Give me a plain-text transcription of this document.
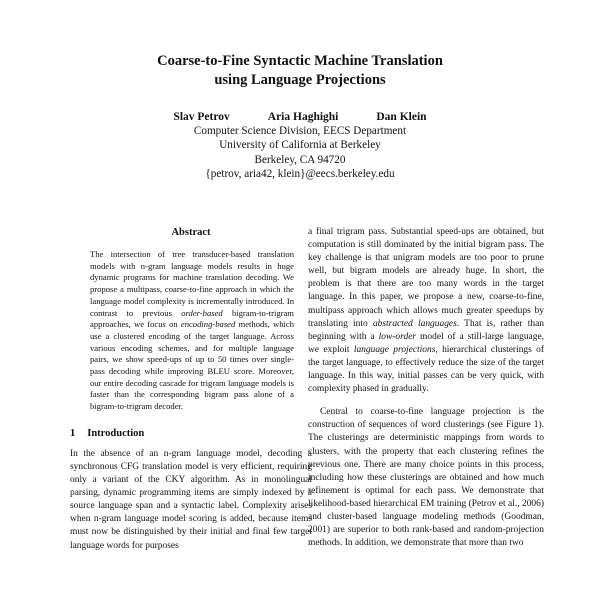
Coarse-to-Fine Syntactic Machine Translation
using Language Projections
Slav Petrov	Aria Haghighi	Dan Klein
Computer Science Division, EECS Department
University of California at Berkeley
Berkeley, CA 94720
{petrov, aria42, klein}@eecs.berkeley.edu
Abstract

The intersection of tree transducer-based translation models with n-gram language models results in huge dynamic programs for machine translation decoding. We propose a multipass, coarse-to-fine approach in which the language model complexity is incrementally introduced. In contrast to previous order-based bigram-to-trigram approaches, we focus on encoding-based methods, which use a clustered encoding of the target language. Across various encoding schemes, and for multiple language pairs, we show speed-ups of up to 50 times over single-pass decoding while improving BLEU score. Moreover, our entire decoding cascade for trigram language models is faster than the corresponding bigram pass alone of a bigram-to-trigram decoder.

1 Introduction

In the absence of an n-gram language model, decoding a synchronous CFG translation model is very efficient, requiring only a variant of the CKY algorithm. As in monolingual parsing, dynamic programming items are simply indexed by a source language span and a syntactic label. Complexity arises when n-gram language model scoring is added, because items must now be distinguished by their initial and final few target language words for purposes

a final trigram pass. Substantial speed-ups are obtained, but computation is still dominated by the initial bigram pass. The key challenge is that unigram models are too poor to prune well, but bigram models are already huge. In short, the problem is that there are too many words in the target language. In this paper, we propose a new, coarse-to-fine, multipass approach which allows much greater speedups by translating into abstracted languages. That is, rather than beginning with a low-order model of a still-large language, we exploit language projections, hierarchical clusterings of the target language, to effectively reduce the size of the target language. In this way, initial passes can be very quick, with complexity phased in gradually.

Central to coarse-to-fine language projection is the construction of sequences of word clusterings (see Figure 1). The clusterings are deterministic mappings from words to clusters, with the property that each clustering refines the previous one. There are many choice points in this process, including how these clusterings are obtained and how much refinement is optimal for each pass. We demonstrate that likelihood-based hierarchical EM training (Petrov et al., 2006) and cluster-based language modeling methods (Goodman, 2001) are superior to both rank-based and random-projection methods. In addition, we demonstrate that more than two
